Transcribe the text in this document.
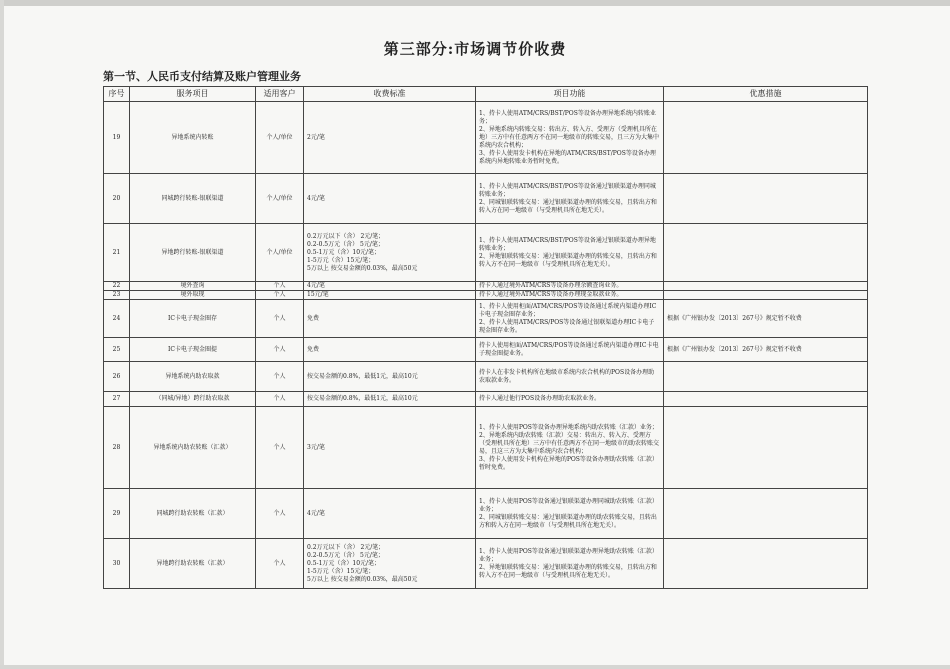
第三部分:市场调节价收费
第一节、人民币支付结算及账户管理业务
序号	服务项目	适用客户	收费标准	项目功能	优惠措施
19	异地系统内转账	个人/单位	2元/笔	1、持卡人使用ATM/CRS/BST/POS等设备办理异地系统内转账业务；
2、异地系统内转账交易：转出方、转入方、受理方（受理机具所在地）三方中有任意两方不在同一地级市的转账交易，且三方为大集中系统内农合机构；
3、持卡人使用发卡机构在异地的ATM/CRS/BST/POS等设备办理系统内异地转账业务暂时免费。	
20	同城跨行转账-银联渠道	个人/单位	4元/笔	1、持卡人使用ATM/CRS/BST/POS等设备通过银联渠道办理同城转账业务；
2、同城银联转账交易：通过银联渠道办理的转账交易，且转出方和转入方在同一地级市（与受理机具所在地无关）。	
21	异地跨行转账-银联渠道	个人/单位	0.2万元以下（含） 2元/笔；
0.2-0.5万元（含） 5元/笔；
0.5-1万元（含）10元/笔；
1-5万元（含）15元/笔；
5万以上 按交易金额的0.03%，最高50元	1、持卡人使用ATM/CRS/BST/POS等设备通过银联渠道办理异地转账业务；
2、异地银联转账交易：通过银联渠道办理的转账交易，且转出方和转入方不在同一地级市（与受理机具所在地无关）。	
22	境外查询	个人	4元/笔	持卡人通过境外ATM/CRS等设备办理余额查询业务。	
23	境外取现	个人	15元/笔	持卡人通过境外ATM/CRS等设备办理现金取款业务。	
24	IC卡电子现金圈存	个人	免费	1、持卡人使用柜面/ATM/CRS/POS等设备通过系统内渠道办理IC卡电子现金圈存业务；
2、持卡人使用ATM/CRS/POS等设备通过银联渠道办理IC卡电子现金圈存业务。	根据《广州银办发〔2013〕267号》规定暂不收费
25	IC卡电子现金圈提	个人	免费	持卡人使用柜面/ATM/CRS/POS等设备通过系统内渠道办理IC卡电子现金圈提业务。	根据《广州银办发〔2013〕267号》规定暂不收费
26	异地系统内助农取款	个人	按交易金额的0.8%，最低1元，最高10元	持卡人在非发卡机构所在地级市系统内农合机构的POS设备办理助农取款业务。	
27	（同城/异地）跨行助农取款	个人	按交易金额的0.8%，最低1元，最高10元	持卡人通过他行POS设备办理助农取款业务。	
28	异地系统内助农转账（汇款）	个人	3元/笔	1、持卡人使用POS等设备办理异地系统内助农转账（汇款）业务；
2、异地系统内助农转账（汇款）交易：转出方、转入方、受理方（受理机具所在地）三方中有任意两方不在同一地级市的助农转账交易，且这三方为大集中系统内农合机构；
3、持卡人使用发卡机构在异地的POS等设备办理助农转账（汇款）暂时免费。	
29	同城跨行助农转账（汇款）	个人	4元/笔	1、持卡人使用POS等设备通过银联渠道办理同城助农转账（汇款）业务；
2、同城银联转账交易：通过银联渠道办理的助农转账交易，且转出方和转入方在同一地级市（与受理机具所在地无关）。	
30	异地跨行助农转账（汇款）	个人	0.2万元以下（含） 2元/笔；
0.2-0.5万元（含） 5元/笔；
0.5-1万元（含）10元/笔；
1-5万元（含）15元/笔；
5万以上 按交易金额的0.03%，最高50元	1、持卡人使用POS等设备通过银联渠道办理异地助农转账（汇款）业务；
2、异地银联转账交易：通过银联渠道办理的转账交易，且转出方和转入方不在同一地级市（与受理机具所在地无关）。	
